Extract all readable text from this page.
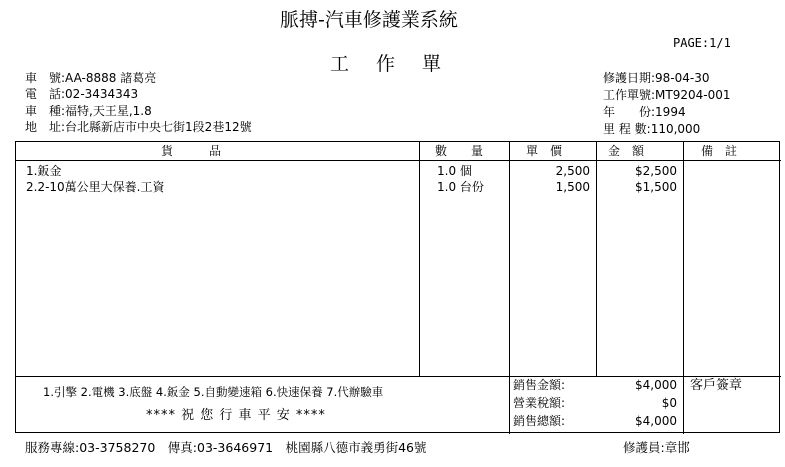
脈搏-汽車修護業系統
PAGE:1/1
工　作　單
車　號:AA-8888 諸葛亮
電　話:02-3434343
車　種:福特,天王星,1.8
地　址:台北縣新店市中央七街1段2巷12號
修護日期:98-04-30
工作單號:MT9204-001
年　　份:1994
里 程 數:110,000
貨　　　品	數　　量	單　價	金　額	備　註
1.鈑金	1.0 個	2,500	$2,500
2.2-10萬公里大保養.工資	1.0 台份	1,500	$1,500
1.引擎 2.電機 3.底盤 4.鈑金 5.自動變速箱 6.快速保養 7.代辦驗車
**** 祝 您 行 車 平 安 ****
銷售金額:	$4,000
營業稅額:	$0
銷售總額:	$4,000
客戶簽章
服務專線:03-3758270　傳真:03-3646971　桃園縣八德市義勇街46號	修護員:章邯
